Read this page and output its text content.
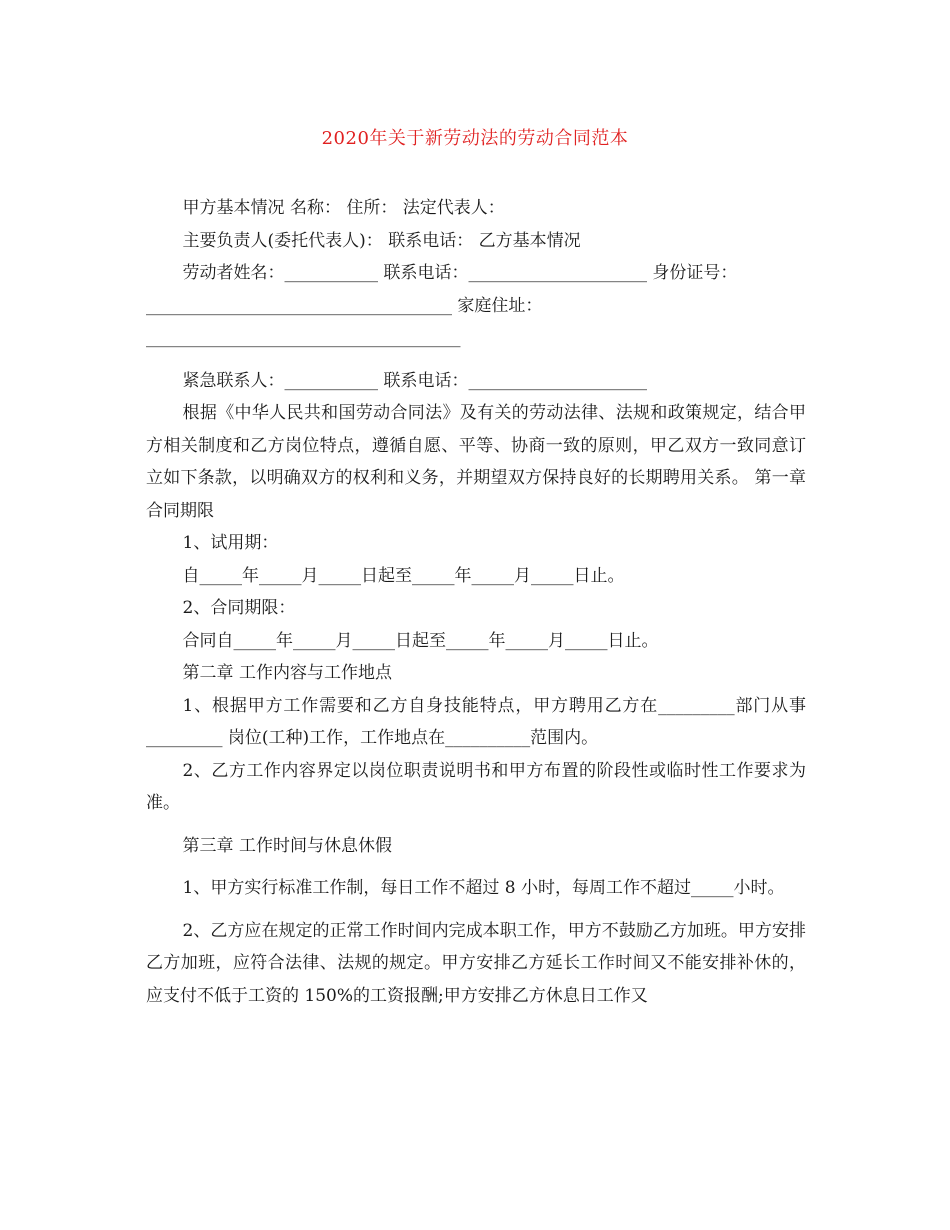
2020年关于新劳动法的劳动合同范本

甲方基本情况 名称： 住所： 法定代表人：

主要负责人(委托代表人)： 联系电话： 乙方基本情况

劳动者姓名：___________ 联系电话：_____________________ 身份证号：

____________________________________ 家庭住址：

_____________________________________

紧急联系人：___________ 联系电话：_____________________

根据《中华人民共和国劳动合同法》及有关的劳动法律、法规和政策规定，结合甲方相关制度和乙方岗位特点，遵循自愿、平等、协商一致的原则，甲乙双方一致同意订立如下条款，以明确双方的权利和义务，并期望双方保持良好的长期聘用关系。 第一章 合同期限

1、试用期：

自_____年_____月_____日起至_____年_____月_____日止。

2、合同期限：

合同自_____年_____月_____日起至_____年_____月_____日止。

第二章 工作内容与工作地点

1、根据甲方工作需要和乙方自身技能特点，甲方聘用乙方在_________部门从事_________ 岗位(工种)工作，工作地点在__________范围内。

2、乙方工作内容界定以岗位职责说明书和甲方布置的阶段性或临时性工作要求为准。

第三章 工作时间与休息休假

1、甲方实行标准工作制，每日工作不超过 8 小时，每周工作不超过_____小时。

2、乙方应在规定的正常工作时间内完成本职工作，甲方不鼓励乙方加班。甲方安排乙方加班，应符合法律、法规的规定。甲方安排乙方延长工作时间又不能安排补休的，应支付不低于工资的 150%的工资报酬;甲方安排乙方休息日工作又
